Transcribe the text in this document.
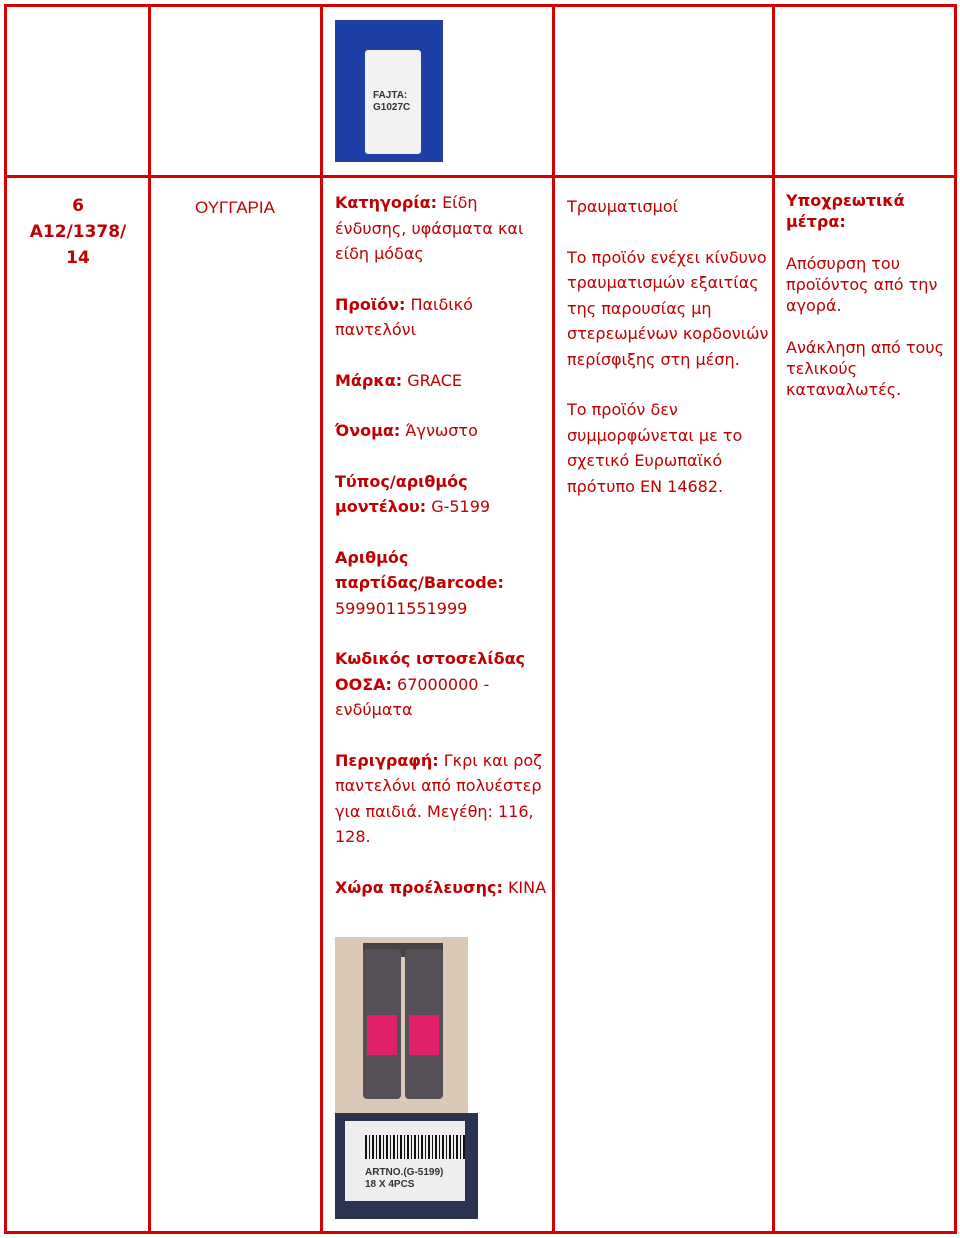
FAJTA:
G1027C
6
A12/1378/
14
ΟΥΓΓΑΡΙΑ	Κατηγορία: Είδη ένδυσης, υφάσματα και είδη μόδας
Προϊόν: Παιδικό παντελόνι
Μάρκα: GRACE
Όνομα: Άγνωστο
Τύπος/αριθμός μοντέλου: G-5199
Αριθμός παρτίδας/Barcode: 5999011551999
Κωδικός ιστοσελίδας ΟΟΣΑ: 67000000 - ενδύματα
Περιγραφή: Γκρι και ροζ παντελόνι από πολυέστερ για παιδιά. Μεγέθη: 116, 128.
Χώρα προέλευσης: ΚΙΝΑ
ARTNO.(G-5199)
18 X 4PCS
Τραυματισμοί
Το προϊόν ενέχει κίνδυνο τραυματισμών εξαιτίας της παρουσίας μη στερεωμένων κορδονιών περίσφιξης στη μέση.
Το προϊόν δεν συμμορφώνεται με το σχετικό Ευρωπαϊκό πρότυπο EN 14682.
Υποχρεωτικά μέτρα:
Απόσυρση του προϊόντος από την αγορά.
Ανάκληση από τους τελικούς καταναλωτές.
